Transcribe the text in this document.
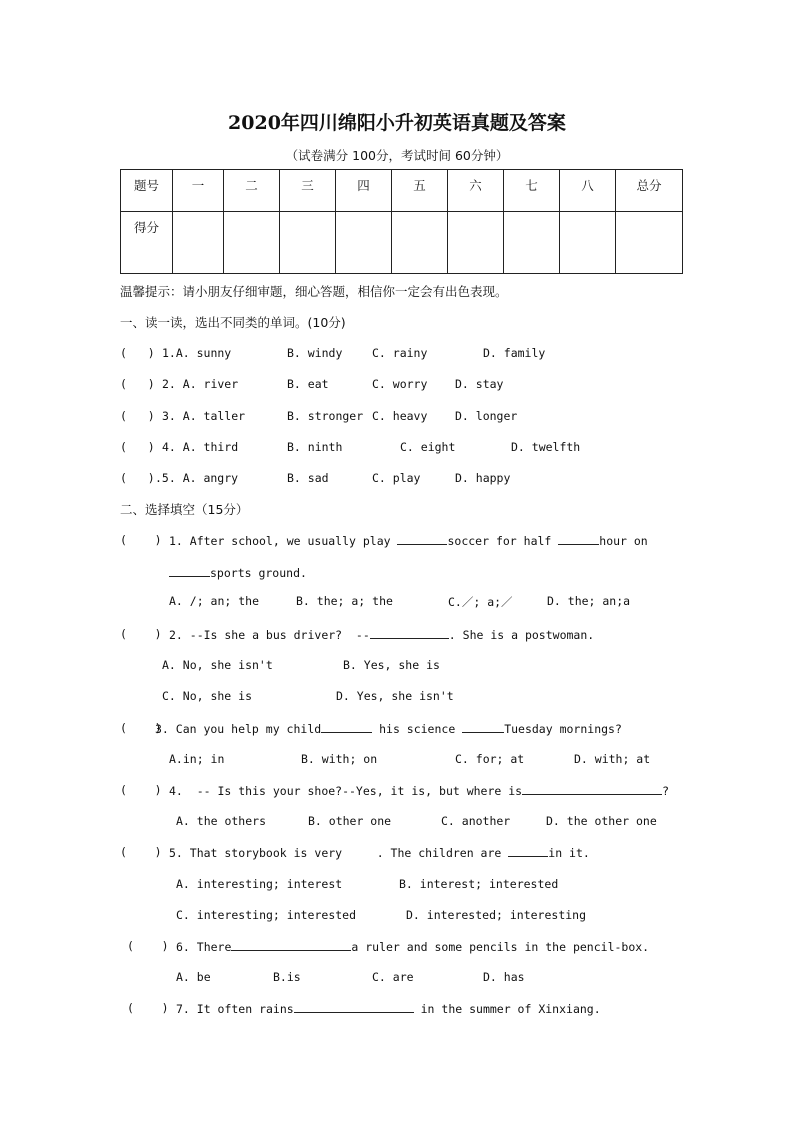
2020年四川绵阳小升初英语真题及答案
（试卷满分 100分，考试时间 60分钟）
题号	一	二	三	四	五	六	七	八	总分
得分									
温馨提示：请小朋友仔细审题，细心答题，相信你一定会有出色表现。
一、读一读，选出不同类的单词。(10分)
(   ) 1.A. sunny	B. windy	C. rainy	D. family
(   ) 2. A. river	B. eat	C. worry D. stay
(   ) 3. A. taller	B. stronger C. heavy D. longer
(   ) 4. A. third	B. ninth	C. eight	D. twelfth
(   ) .5. A. angry	B. sad	C. play	D. happy
二、选择填空（15分）
(    ) 1. After school, we usually play	soccer for half	hour on
sports ground.
A. /; an; the	B. the; a; the	C.／; a;／	D. the; an;a
(    ) 2. --Is she a bus driver?  --	. She is a postwoman.
A. No, she isn't	B. Yes, she is
C. No, she is	D. Yes, she isn't
(    )
3. Can you help my child	his science	Tuesday mornings?
A.in; in	B. with; on	C. for; at	D. with; at
(    ) 4.  -- Is this your shoe?--Yes, it is, but where is	?
A. the others	B. other one	C. another	D. the other one
(    ) 5. That storybook is very     . The children are	in it.
A. interesting; interest	B. interest; interested
C. interesting; interested	D. interested; interesting
(    ) 6. There	a ruler and some pencils in the pencil-box.
A. be	B.is	C. are	D. has
(    ) 7. It often rains	in the summer of Xinxiang.
